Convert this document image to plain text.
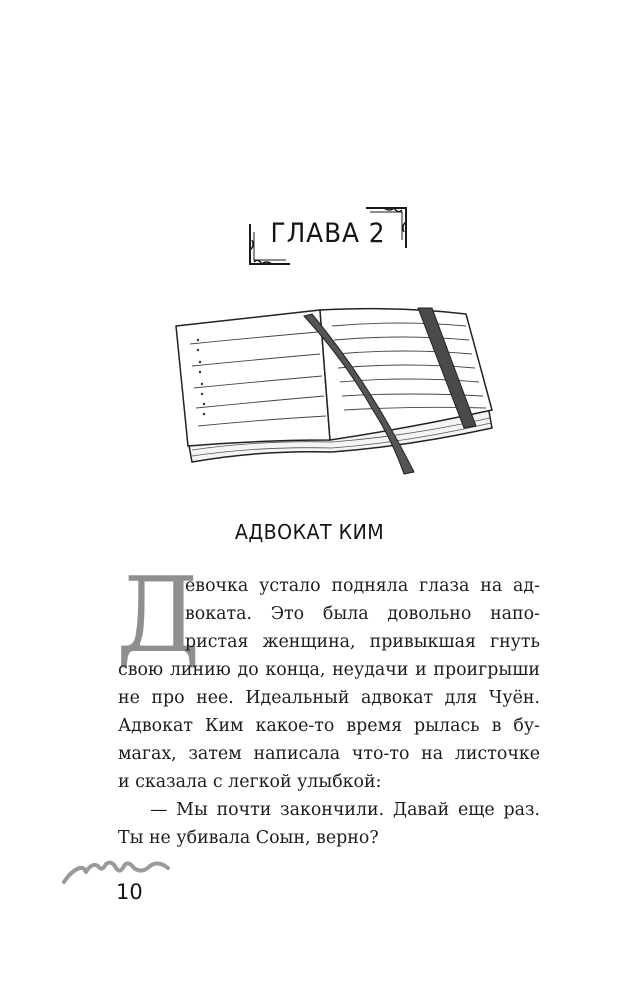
ГЛАВА 2
АДВОКАТ КИМ
Д
евочка устало подняла глаза на ад-
воката. Это была довольно напо-
ристая женщина, привыкшая гнуть
свою линию до конца, неудачи и проигрыши
не про нее. Идеальный адвокат для Чуён.
Адвокат Ким какое-то время рылась в бу-
магах, затем написала что-то на листочке
и сказала с легкой улыбкой:
— Мы почти закончили. Давай еще раз.
Ты не убивала Соын, верно?
10
